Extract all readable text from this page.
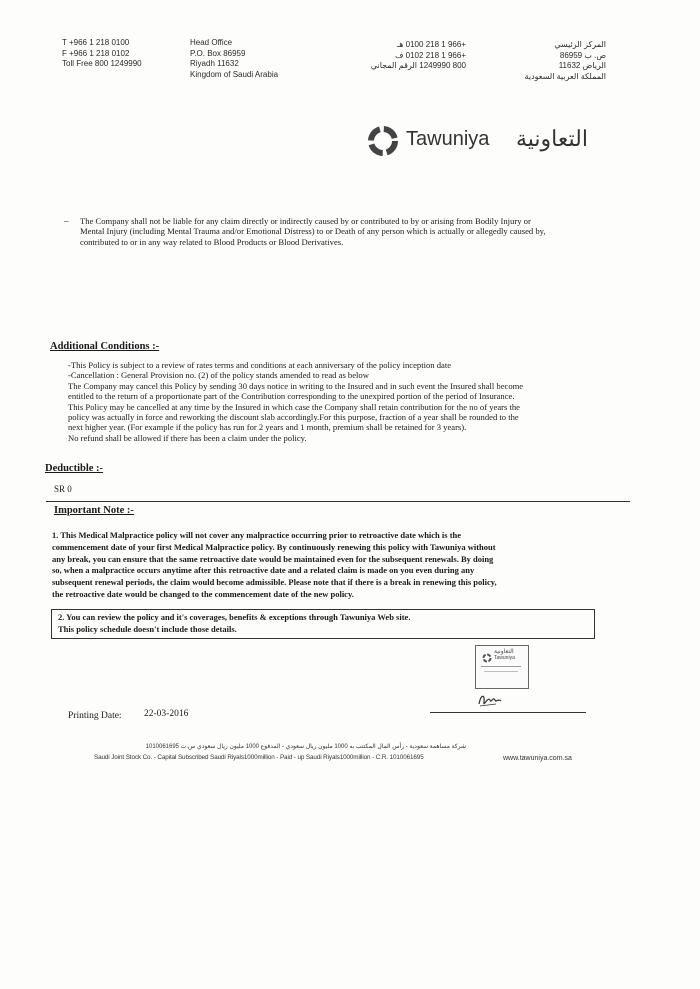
T +966 1 218 0100
F +966 1 218 0102
Toll Free 800 1249990
Head Office
P.O. Box 86959
Riyadh 11632
Kingdom of Saudi Arabia
+966 1 218 0100 هـ
+966 1 218 0102 ف
800 1249990 الرقم المجاني
المركز الرئيسي
ص. ب 86959
الرياض 11632
المملكة العربية السعودية
Tawuniya التعاونية
– The Company shall not be liable for any claim directly or indirectly caused by or contributed to by or arising from Bodily Injury or
Mental Injury (including Mental Trauma and/or Emotional Distress) to or Death of any person which is actually or allegedly caused by,
contributed to or in any way related to Blood Products or Blood Derivatives.
Additional Conditions :-
-This Policy is subject to a review of rates terms and conditions at each anniversary of the policy inception date
-Cancellation : General Provision no. (2) of the policy stands amended to read as below
The Company may cancel this Policy by sending 30 days notice in writing to the Insured and in such event the Insured shall become
entitled to the return of a proportionate part of the Contribution corresponding to the unexpired portion of the period of Insurance.
This Policy may be cancelled at any time by the Insured in which case the Company shall retain contribution for the no of years the
policy was actually in force and reworking the discount slab accordingly.For this purpose, fraction of a year shall be rounded to the
next higher year. (For example if the policy has run for 2 years and 1 month, premium shall be retained for 3 years).
No refund shall be allowed if there has been a claim under the policy.
Deductible :-
SR 0
Important Note :-
1. This Medical Malpractice policy will not cover any malpractice occurring prior to retroactive date which is the
commencement date of your first Medical Malpractice policy. By continuously renewing this policy with Tawuniya without
any break, you can ensure that the same retroactive date would be maintained even for the subsequent renewals. By doing
so, when a malpractice occurs anytime after this retroactive date and a related claim is made on you even during any
subsequent renewal periods, the claim would become admissible. Please note that if there is a break in renewing this policy,
the retroactive date would be changed to the commencement date of the new policy.
2. You can review the policy and it's coverages, benefits & exceptions through Tawuniya Web site.
This policy schedule doesn't include those details.
التعاونية
Tawuniya
Printing Date: 22-03-2016
شركة مساهمة سعودية - رأس المال المكتتب به 1000 مليون ريال سعودي - المدفوع 1000 مليون ريال سعودي س.ت 1010061695
Saudi Joint Stock Co. - Capital Subscribed Saudi Riyals1000million - Paid - up Saudi Riyals1000million - C.R. 1010061695	www.tawuniya.com.sa
